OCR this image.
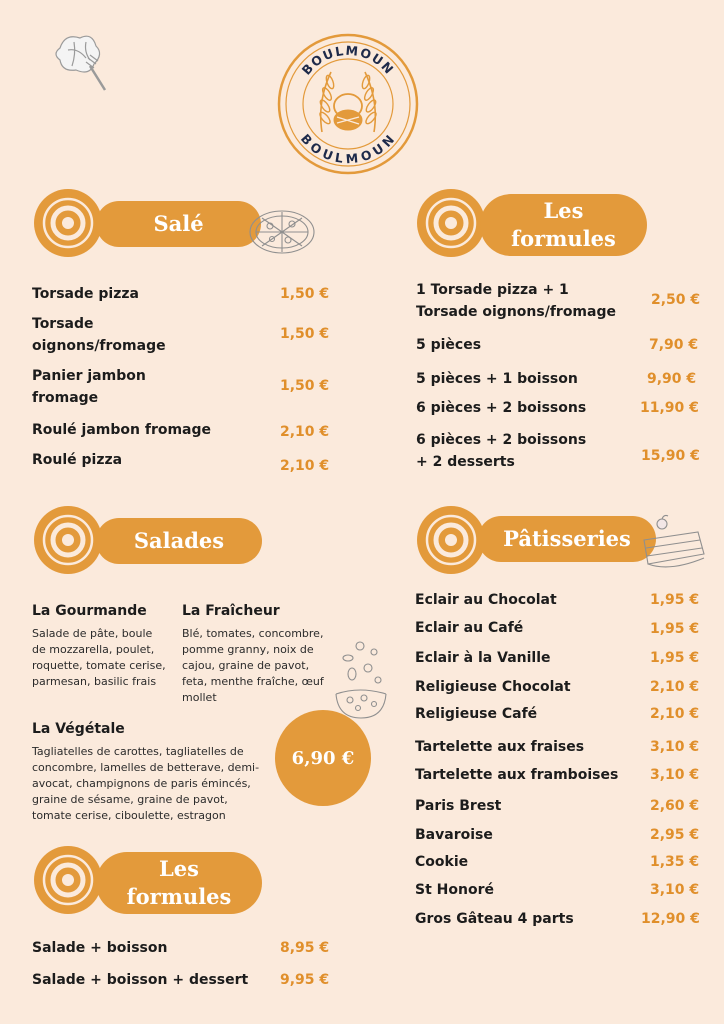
BOULMOUN
BOULMOUN
Salé
Torsade pizza	1,50 €
Torsade
oignons/fromage
1,50 €
Panier jambon
fromage
1,50 €
Roulé jambon fromage	2,10 €
Roulé pizza	2,10 €
Les
formules
1 Torsade pizza + 1
Torsade oignons/fromage
2,50 €
5 pièces	7,90 €
5 pièces + 1 boisson	9,90 €
6 pièces + 2 boissons	11,90 €
6 pièces + 2 boissons
+ 2 desserts	15,90 €
Salades
La Gourmande
Salade de pâte, boule de mozzarella, poulet, roquette, tomate cerise, parmesan, basilic frais
La Fraîcheur
Blé, tomates, concombre, pomme granny, noix de cajou, graine de pavot, feta, menthe fraîche, œuf mollet
La Végétale
Tagliatelles de carottes, tagliatelles de concombre, lamelles de betterave, demi-avocat, champignons de paris émincés, graine de sésame, graine de pavot, tomate cerise, ciboulette, estragon
6,90 €
Pâtisseries
Eclair au Chocolat	1,95 €
Eclair au Café	1,95 €
Eclair à la Vanille	1,95 €
Religieuse Chocolat	2,10 €
Religieuse Café	2,10 €
Tartelette aux fraises	3,10 €
Tartelette aux framboises 3,10 €
Paris Brest	2,60 €
Bavaroise	2,95 €
Cookie	1,35 €
St Honoré	3,10 €
Gros Gâteau 4 parts	12,90 €
Les
formules
Salade + boisson	8,95 €
Salade + boisson + dessert 9,95 €
